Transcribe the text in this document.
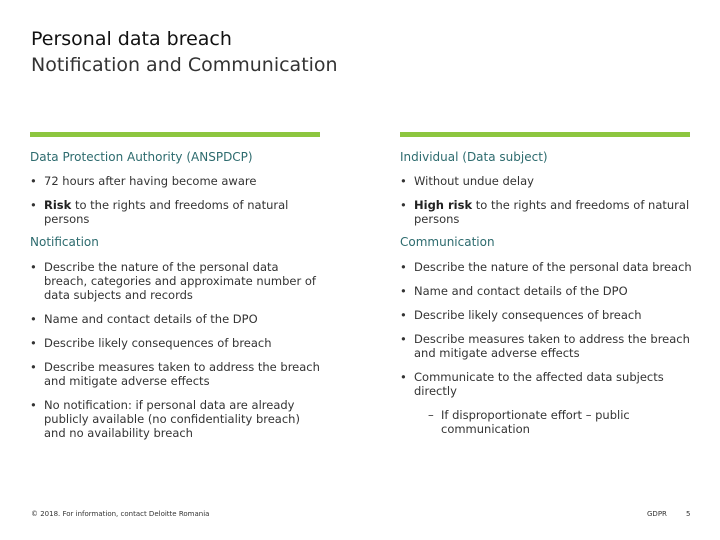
Personal data breach
Notification and Communication
Data Protection Authority (ANSPDCP)
• 72 hours after having become aware
• Risk to the rights and freedoms of natural persons
Notification
• Describe the nature of the personal data breach, categories and approximate number of data subjects and records
• Name and contact details of the DPO
• Describe likely consequences of breach
• Describe measures taken to address the breach and mitigate adverse effects
• No notification: if personal data are already publicly available (no confidentiality breach) and no availability breach
Individual (Data subject)
• Without undue delay
• High risk to the rights and freedoms of natural persons
Communication
• Describe the nature of the personal data breach
• Name and contact details of the DPO
• Describe likely consequences of breach
• Describe measures taken to address the breach and mitigate adverse effects
• Communicate to the affected data subjects directly
– If disproportionate effort – public communication
© 2018. For information, contact Deloitte Romania	GDPR	5
